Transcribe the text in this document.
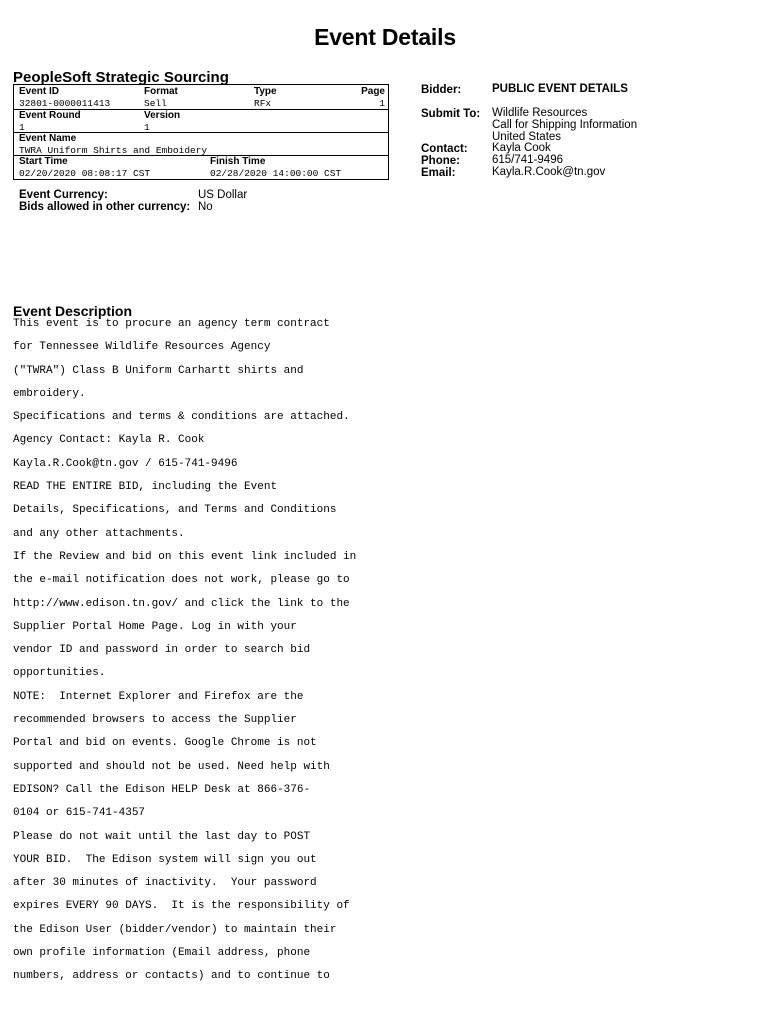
Event Details
PeopleSoft Strategic Sourcing
Event ID	Format	Type	Page
32801-0000011413	Sell	RFx	1
Event Round	Version
1	1
Event Name
TWRA Uniform Shirts and Emboidery
Start Time	Finish Time
02/20/2020 08:08:17 CST	02/28/2020 14:00:00 CST
Event Currency:	US Dollar
Bids allowed in other currency: No
Bidder:	PUBLIC EVENT DETAILS
Submit To: Wildlife Resources
Call for Shipping Information
United States
Contact: Kayla Cook
Phone:	615/741-9496
Email:	Kayla.R.Cook@tn.gov
Event Description
This event is to procure an agency term contract
for Tennessee Wildlife Resources Agency
("TWRA") Class B Uniform Carhartt shirts and
embroidery.
Specifications and terms & conditions are attached.
Agency Contact: Kayla R. Cook
Kayla.R.Cook@tn.gov / 615-741-9496
READ THE ENTIRE BID, including the Event
Details, Specifications, and Terms and Conditions
and any other attachments.
If the Review and bid on this event link included in
the e-mail notification does not work, please go to
http://www.edison.tn.gov/ and click the link to the
Supplier Portal Home Page. Log in with your
vendor ID and password in order to search bid
opportunities.
NOTE:  Internet Explorer and Firefox are the
recommended browsers to access the Supplier
Portal and bid on events. Google Chrome is not
supported and should not be used. Need help with
EDISON? Call the Edison HELP Desk at 866-376-
0104 or 615-741-4357
Please do not wait until the last day to POST
YOUR BID.  The Edison system will sign you out
after 30 minutes of inactivity.  Your password
expires EVERY 90 DAYS.  It is the responsibility of
the Edison User (bidder/vendor) to maintain their
own profile information (Email address, phone
numbers, address or contacts) and to continue to
